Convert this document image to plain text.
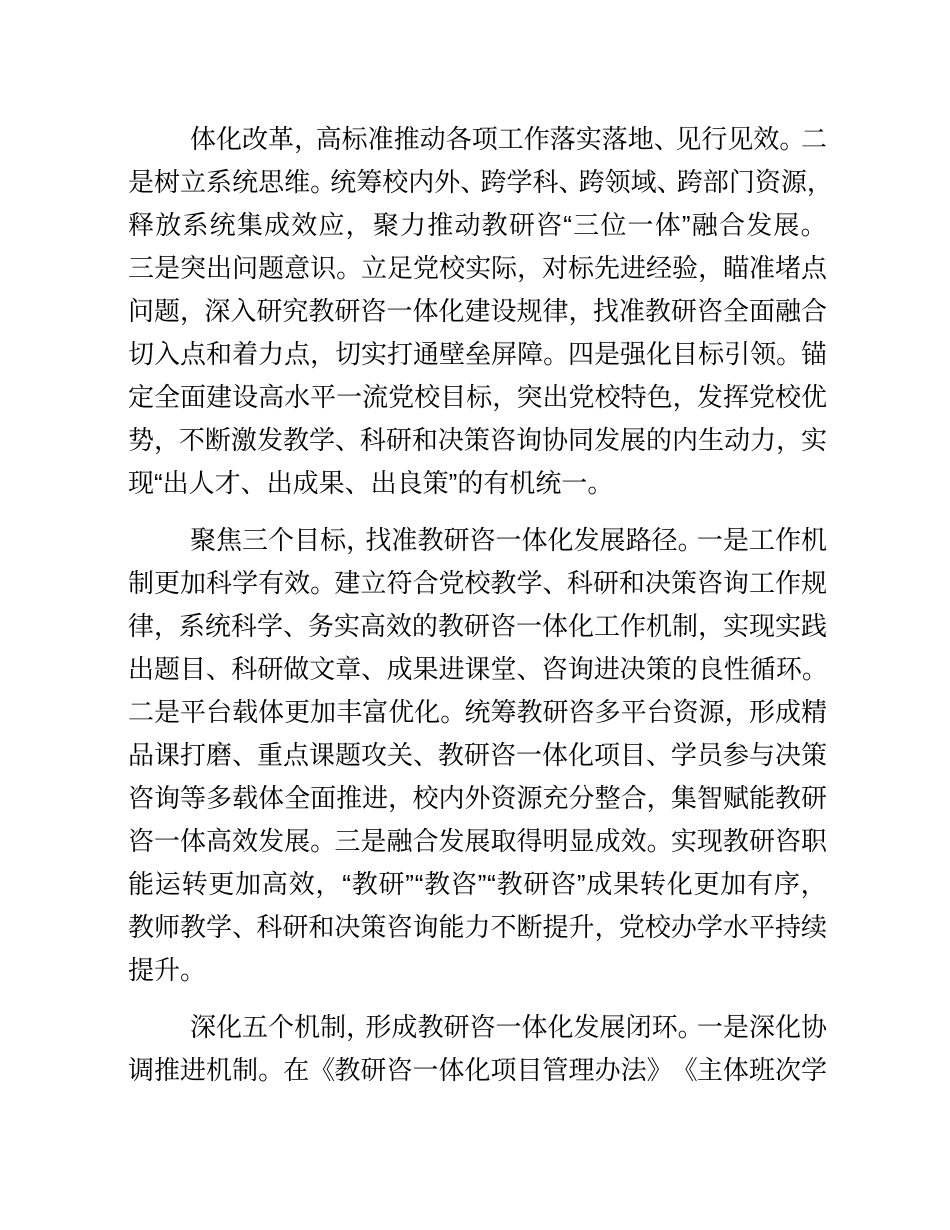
体 化 改 革 ，
高 标 准 推 动 各 项 工 作 落 实 落 地 、
见 行 见 效 。
二
是 树 立 系 统 思 维 。
统 筹 校 内 外 、
跨 学 科 、
跨 领 域 、
跨 部 门 资 源 ，
释 放 系 统 集 成 效 应 ， 聚 力 推 动 教 研 咨 “ 三 位 一 体 ” 融 合 发 展 。
三 是 突 出 问 题 意 识 。
立 足 党 校 实 际 ，
对 标 先 进 经 验 ，
瞄 准 堵 点
问 题 ，
深 入 研 究 教 研 咨 一 体 化 建 设 规 律 ，
找 准 教 研 咨 全 面 融 合
切 入 点 和 着 力 点 ，
切 实 打 通 壁 垒 屏 障 。
四 是 强 化 目 标 引 领 。
锚
定 全 面 建 设 高 水 平 一 流 党 校 目 标 ，
突 出 党 校 特 色 ，
发 挥 党 校 优
势 ，
不 断 激 发 教 学 、
科 研 和 决 策 咨 询 协 同 发 展 的 内 生 动 力 ，
实
现“出人才、出成果、出良策”的有机统一。
聚 焦 三 个 目 标 ，
找 准 教 研 咨 一 体 化 发 展 路 径 。
一 是 工 作 机
制 更 加 科 学 有 效 。
建 立 符 合 党 校 教 学 、
科 研 和 决 策 咨 询 工 作 规
律 ，
系 统 科 学 、
务 实 高 效 的 教 研 咨 一 体 化 工 作 机 制 ，
实 现 实 践
出 题 目 、 科 研 做 文 章 、 成 果 进 课 堂 、 咨 询 进 决 策 的 良 性 循 环 。
二 是 平 台 载 体 更 加 丰 富 优 化 。
统 筹 教 研 咨 多 平 台 资 源 ，
形 成 精
品 课 打 磨 、
重 点 课 题 攻 关 、
教 研 咨 一 体 化 项 目 、
学 员 参 与 决 策
咨 询 等 多 载 体 全 面 推 进 ，
校 内 外 资 源 充 分 整 合 ，
集 智 赋 能 教 研
咨 一 体 高 效 发 展 。
三 是 融 合 发 展 取 得 明 显 成 效 。
实 现 教 研 咨 职
能 运 转 更 加 高 效 ， “ 教 研 ” “ 教 咨 ” “ 教 研 咨 ” 成 果 转 化 更 加 有 序 ，
教 师 教 学 、
科 研 和 决 策 咨 询 能 力 不 断 提 升 ，
党 校 办 学 水 平 持 续
提升。
深 化 五 个 机 制 ，
形 成 教 研 咨 一 体 化 发 展 闭 环 。
一 是 深 化 协
调 推 进 机 制 。 在 《 教 研 咨 一 体 化 项 目 管 理 办 法 》 《 主 体 班 次 学
